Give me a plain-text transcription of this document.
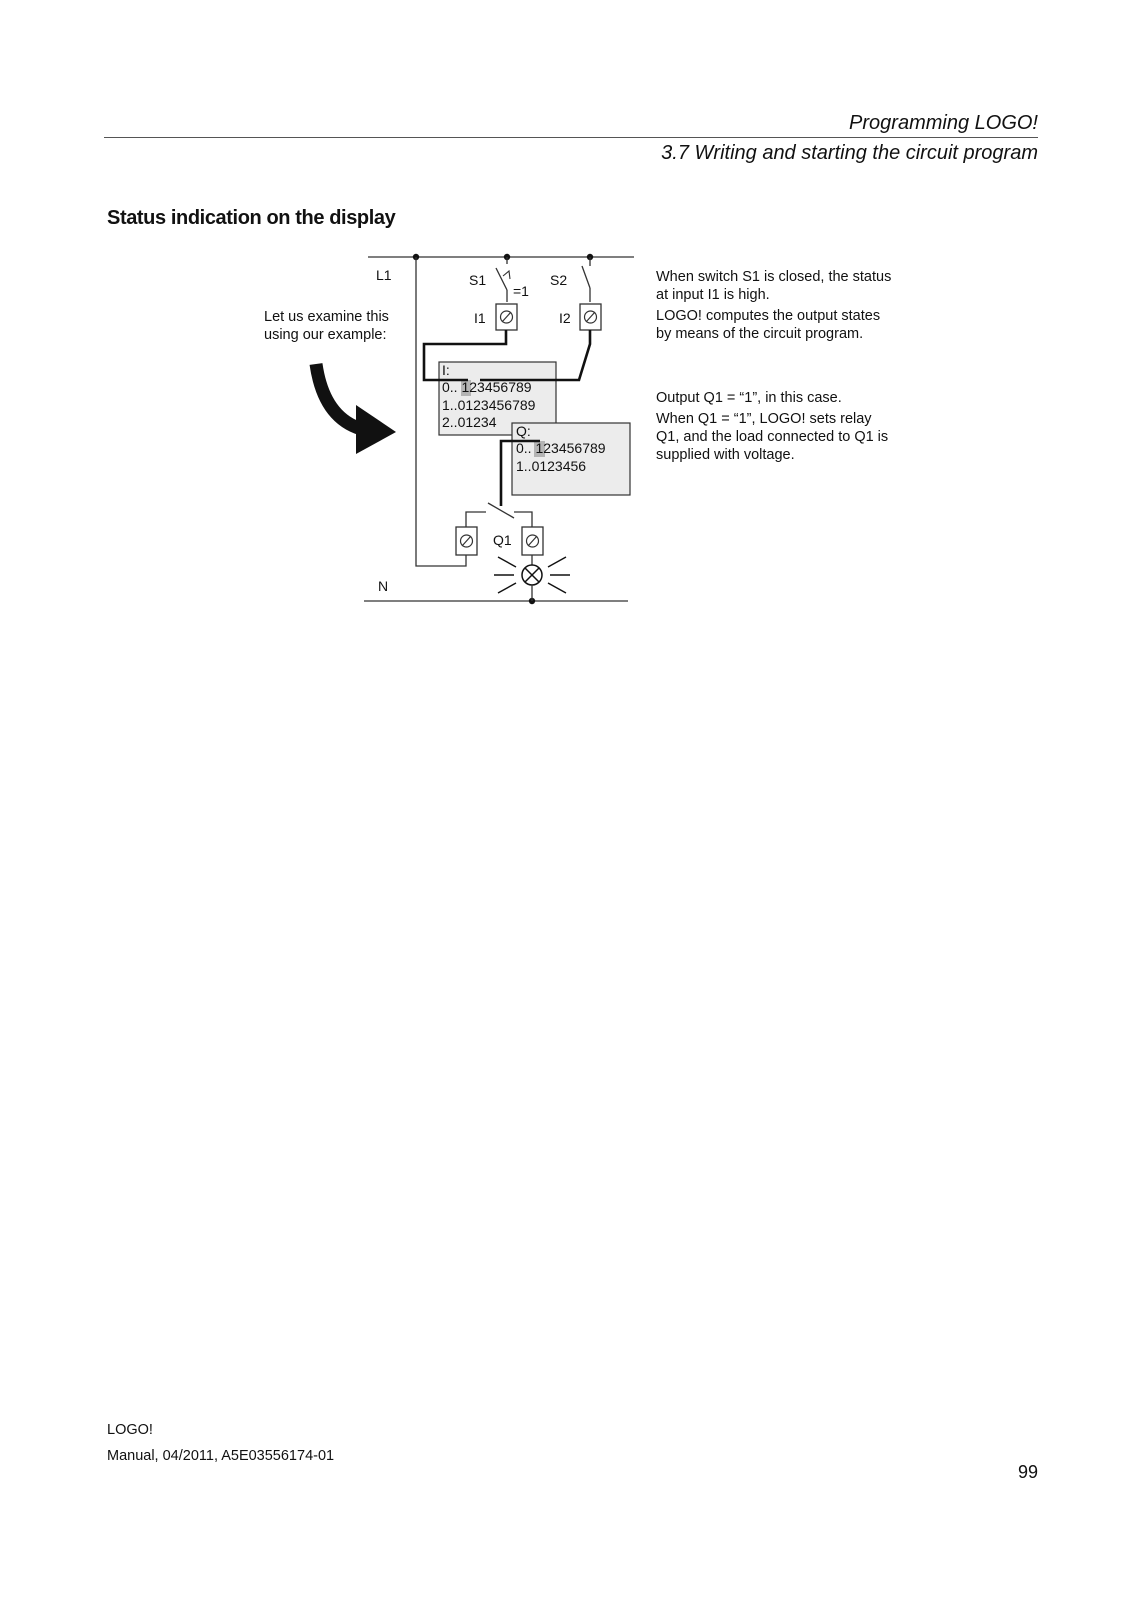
Programming LOGO!
3.7 Writing and starting the circuit program
Status indication on the display

Let us examine this

using our example:

L1
N
S1
=1
S2
I1	I2
Q1
I:
0.. 123456789
1..0123456789
2..01234
Q:
0.. 123456789
1..0123456

When switch S1 is closed, the status

at input I1 is high.

LOGO! computes the output states

by means of the circuit program.

Output Q1 = “1”, in this case.

When Q1 = “1”, LOGO! sets relay

Q1, and the load connected to Q1 is

supplied with voltage.

LOGO!
Manual, 04/2011, A5E03556174-01
99
